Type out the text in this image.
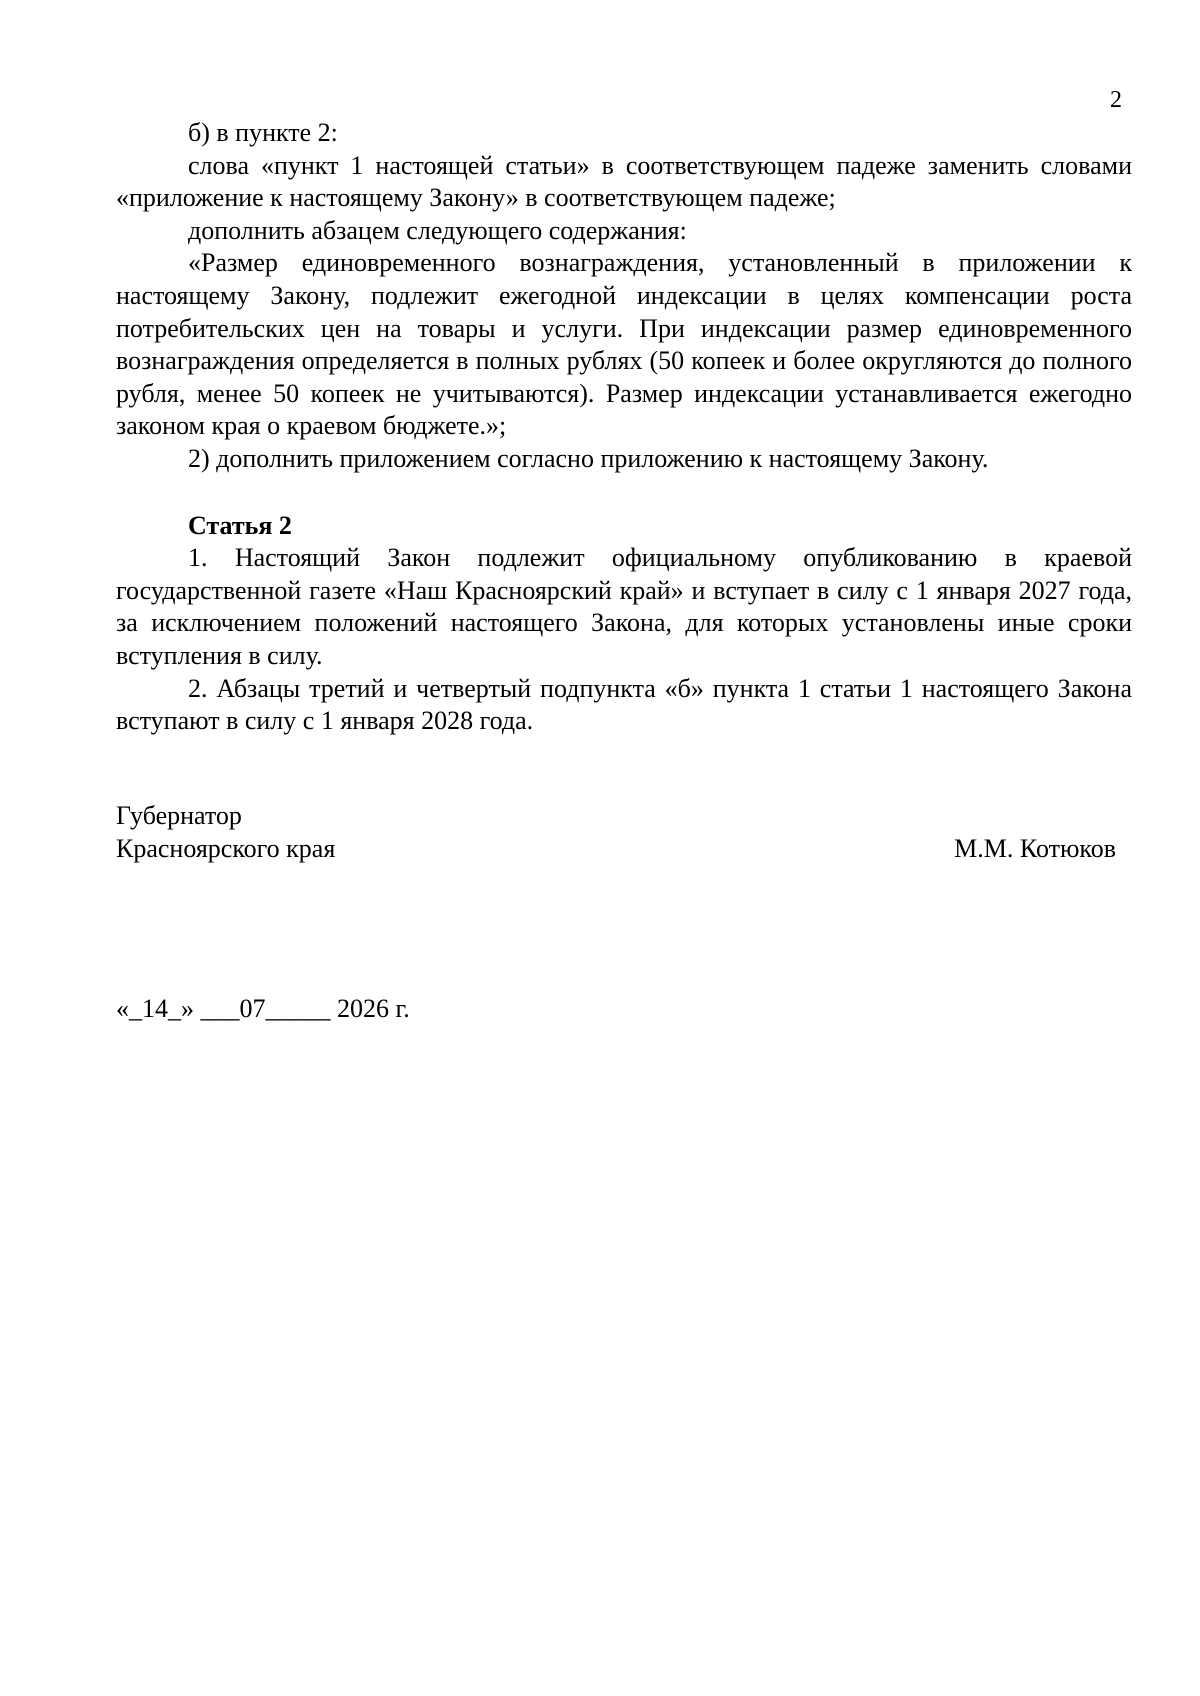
2

б) в пункте 2:

слова «пункт 1 настоящей статьи» в соответствующем падеже заменить словами «приложение к настоящему Закону» в соответствующем падеже;

дополнить абзацем следующего содержания:

«Размер единовременного вознаграждения, установленный в приложении к настоящему Закону, подлежит ежегодной индексации в целях компенсации роста потребительских цен на товары и услуги. При индексации размер единовременного вознаграждения определяется в полных рублях (50 копеек и более округляются до полного рубля, менее 50 копеек не учитываются). Размер индексации устанавливается ежегодно законом края о краевом бюджете.»;

2) дополнить приложением согласно приложению к настоящему Закону.

Статья 2

1. Настоящий Закон подлежит официальному опубликованию в краевой государственной газете «Наш Красноярский край» и вступает в силу с 1 января 2027 года, за исключением положений настоящего Закона, для которых установлены иные сроки вступления в силу.

2. Абзацы третий и четвертый подпункта «б» пункта 1 статьи 1 настоящего Закона вступают в силу с 1 января 2028 года.

Губернатор
Красноярского края	М.М. Котюков
«_14_» ___07_____ 2026 г.
